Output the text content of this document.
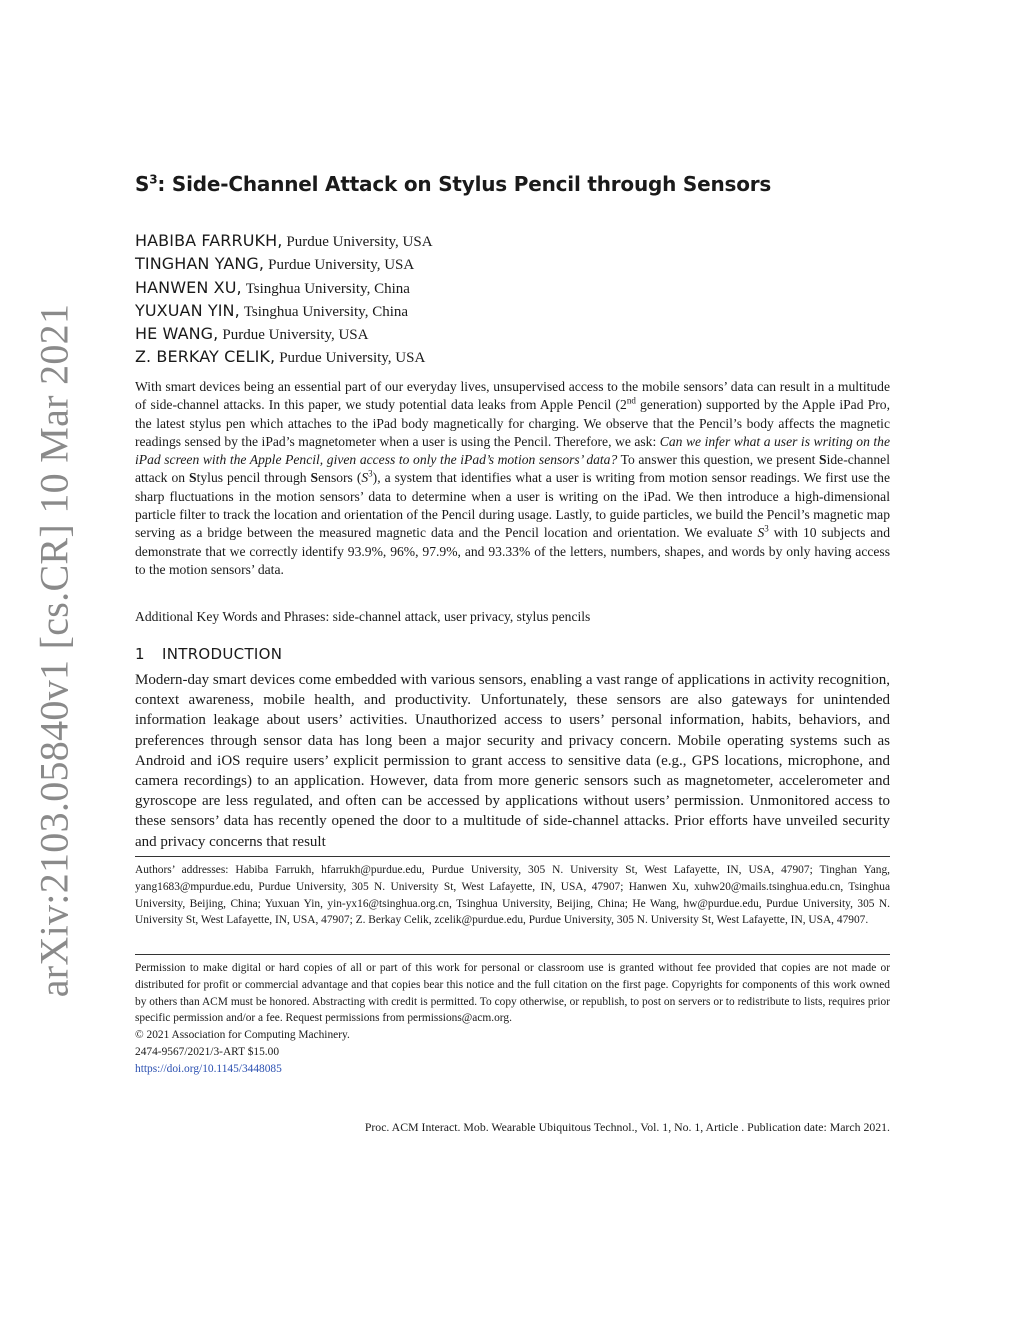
arXiv:2103.05840v1 [cs.CR] 10 Mar 2021
$S^3$: Side-Channel Attack on Stylus Pencil through Sensors
HABIBA FARRUKH, Purdue University, USA
TINGHAN YANG, Purdue University, USA
HANWEN XU, Tsinghua University, China
YUXUAN YIN, Tsinghua University, China
HE WANG, Purdue University, USA
Z. BERKAY CELIK, Purdue University, USA
With smart devices being an essential part of our everyday lives, unsupervised access to the mobile sensors’ data can result in a multitude of side-channel attacks. In this paper, we study potential data leaks from Apple Pencil (2nd generation) supported by the Apple iPad Pro, the latest stylus pen which attaches to the iPad body magnetically for charging. We observe that the Pencil’s body affects the magnetic readings sensed by the iPad’s magnetometer when a user is using the Pencil. Therefore, we ask: Can we infer what a user is writing on the iPad screen with the Apple Pencil, given access to only the iPad’s motion sensors’ data? To answer this question, we present Side-channel attack on Stylus pencil through Sensors $(S^3)$, a system that identifies what a user is writing from motion sensor readings. We first use the sharp fluctuations in the motion sensors’ data to determine when a user is writing on the iPad. We then introduce a high-dimensional particle filter to track the location and orientation of the Pencil during usage. Lastly, to guide particles, we build the Pencil’s magnetic map serving as a bridge between the measured magnetic data and the Pencil location and orientation. We evaluate $S^3$ with 10 subjects and demonstrate that we correctly identify 93.9%, 96%, 97.9%, and 93.33% of the letters, numbers, shapes, and words by only having access to the motion sensors’ data.
Additional Key Words and Phrases: side-channel attack, user privacy, stylus pencils
1 INTRODUCTION
Modern-day smart devices come embedded with various sensors, enabling a vast range of applications in activity recognition, context awareness, mobile health, and productivity. Unfortunately, these sensors are also gateways for unintended information leakage about users’ activities. Unauthorized access to users’ personal information, habits, behaviors, and preferences through sensor data has long been a major security and privacy concern. Mobile operating systems such as Android and iOS require users’ explicit permission to grant access to sensitive data (e.g., GPS locations, microphone, and camera recordings) to an application. However, data from more generic sensors such as magnetometer, accelerometer and gyroscope are less regulated, and often can be accessed by applications without users’ permission. Unmonitored access to these sensors’ data has recently opened the door to a multitude of side-channel attacks. Prior efforts have unveiled security and privacy concerns that result
Authors’ addresses: Habiba Farrukh, hfarrukh@purdue.edu, Purdue University, 305 N. University St, West Lafayette, IN, USA, 47907; Tinghan Yang, yang1683@mpurdue.edu, Purdue University, 305 N. University St, West Lafayette, IN, USA, 47907; Hanwen Xu, xuhw20@mails.tsinghua.edu.cn, Tsinghua University, Beijing, China; Yuxuan Yin, yin-yx16@tsinghua.org.cn, Tsinghua University, Beijing, China; He Wang, hw@purdue.edu, Purdue University, 305 N. University St, West Lafayette, IN, USA, 47907; Z. Berkay Celik, zcelik@purdue.edu, Purdue University, 305 N. University St, West Lafayette, IN, USA, 47907.

Permission to make digital or hard copies of all or part of this work for personal or classroom use is granted without fee provided that copies are not made or distributed for profit or commercial advantage and that copies bear this notice and the full citation on the first page. Copyrights for components of this work owned by others than ACM must be honored. Abstracting with credit is permitted. To copy otherwise, or republish, to post on servers or to redistribute to lists, requires prior specific permission and/or a fee. Request permissions from permissions@acm.org.

© 2021 Association for Computing Machinery.

2474-9567/2021/3-ART $15.00

https://doi.org/10.1145/3448085

Proc. ACM Interact. Mob. Wearable Ubiquitous Technol., Vol. 1, No. 1, Article . Publication date: March 2021.
